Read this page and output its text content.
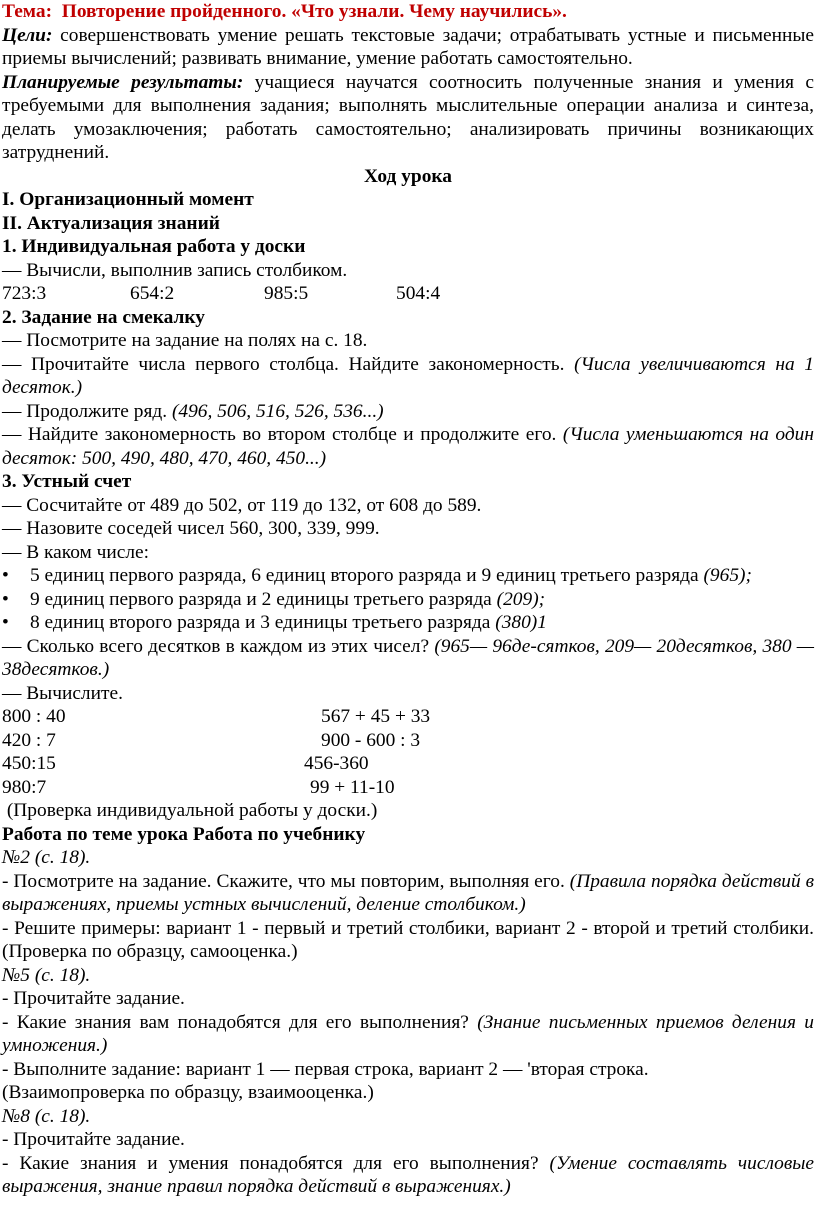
Тема: Повторение пройденного. «Что узнали. Чему научились».

Цели: совершенствовать умение решать текстовые задачи; отрабатывать устные и письменные приемы вычислений; развивать внимание, умение работать самостоятельно.

Планируемые результаты: учащиеся научатся соотносить полученные знания и умения с требуемыми для выполнения задания; выполнять мыслительные операции анализа и синтеза, делать умозаключения; работать самостоятельно; анализировать причины возникающих затруднений.

Ход урока

I. Организационный момент

II. Актуализация знаний

1. Индивидуальная работа у доски

— Вычисли, выполнив запись столбиком.

723:3	654:2	985:5	504:4

2. Задание на смекалку

— Посмотрите на задание на полях на с. 18.

— Прочитайте числа первого столбца. Найдите закономерность. (Числа увеличиваются на 1 десяток.)

— Продолжите ряд. (496, 506, 516, 526, 536...)

— Найдите закономерность во втором столбце и продолжите его. (Числа уменьшаются на один десяток: 500, 490, 480, 470, 460, 450...)

3. Устный счет

— Сосчитайте от 489 до 502, от 119 до 132, от 608 до 589.

— Назовите соседей чисел 560, 300, 339, 999.

— В каком числе:

• 5 единиц первого разряда, 6 единиц второго разряда и 9 единиц третьего разряда (965);
• 9 единиц первого разряда и 2 единицы третьего разряда (209);
• 8 единиц второго разряда и 3 единицы третьего разряда (380)1

— Сколько всего десятков в каждом из этих чисел? (965— 96де-сятков, 209— 20десятков, 380 — 38десятков.)

— Вычислите.

800 : 40	567 + 45 + 33
420 : 7	900 - 600 : 3
450:15	456-360
980:7	99 + 11-10

(Проверка индивидуальной работы у доски.)

Работа по теме урока Работа по учебнику

№2 (с. 18).

- Посмотрите на задание. Скажите, что мы повторим, выполняя его. (Правила порядка действий в выражениях, приемы устных вычислений, деление столбиком.)

- Решите примеры: вариант 1 - первый и третий столбики, вариант 2 - второй и третий столбики. (Проверка по образцу, самооценка.)

№5 (с. 18).

- Прочитайте задание.

- Какие знания вам понадобятся для его выполнения? (Знание письменных приемов деления и умножения.)

- Выполните задание: вариант 1 — первая строка, вариант 2 — 'вторая строка.

(Взаимопроверка по образцу, взаимооценка.)

№8 (с. 18).

- Прочитайте задание.

- Какие знания и умения понадобятся для его выполнения? (Умение составлять числовые выражения, знание правил порядка действий в выражениях.)
